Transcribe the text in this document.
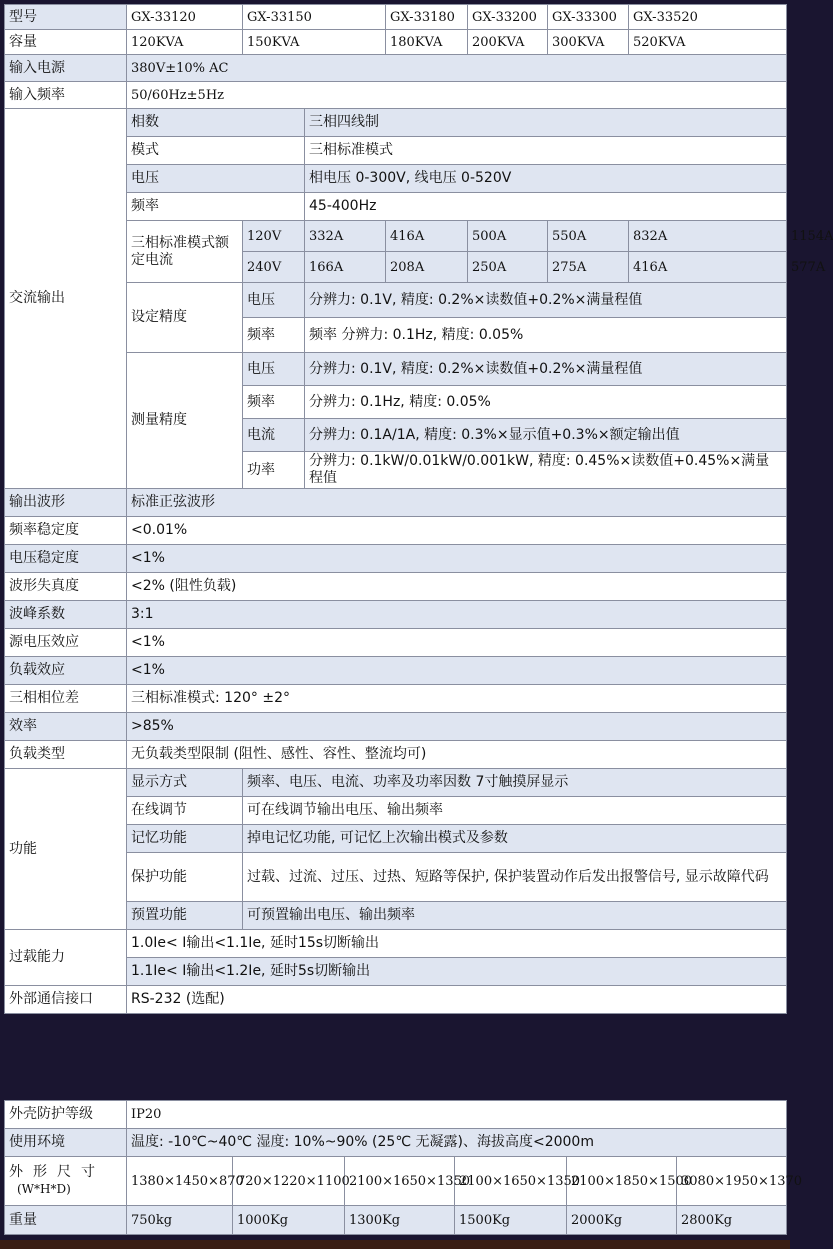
型号	GX-33120	GX-33150		GX-33180	GX-33200	GX-33300	GX-33520	
容量	120KVA	150KVA		180KVA	200KVA	300KVA	520KVA	
输入电源	380V±10% AC							
输入频率	50/60Hz±5Hz							
交流输出	相数		三相四线制					
	模式		三相标准模式					
	电压		相电压 0-300V, 线电压 0-520V					
	频率		45-400Hz					
	三相标准模式额定电流	120V	332A	416A	500A	550A	832A	1154A
		240V	166A	208A	250A	275A	416A	577A
	设定精度	电压	分辨力: 0.1V, 精度: 0.2%×读数值+0.2%×满量程值					
		频率	频率 分辨力: 0.1Hz, 精度: 0.05%					
	测量精度	电压	分辨力: 0.1V, 精度: 0.2%×读数值+0.2%×满量程值					
		频率	分辨力: 0.1Hz, 精度: 0.05%					
		电流	分辨力: 0.1A/1A, 精度: 0.3%×显示值+0.3%×额定输出值					
		功率	分辨力: 0.1kW/0.01kW/0.001kW, 精度: 0.45%×读数值+0.45%×满量程值					
输出波形	标准正弦波形							
频率稳定度	<0.01%							
电压稳定度	<1%							
波形失真度	<2% (阻性负载)							
波峰系数	3:1							
源电压效应	<1%							
负载效应	<1%							
三相相位差	三相标准模式: 120° ±2°							
效率	>85%							
负载类型	无负载类型限制 (阻性、感性、容性、整流均可)							
功能	显示方式	频率、电压、电流、功率及功率因数 7寸触摸屏显示						
	在线调节	可在线调节输出电压、输出频率						
	记忆功能	掉电记忆功能, 可记忆上次输出模式及参数						
	保护功能	过载、过流、过压、过热、短路等保护, 保护装置动作后发出报警信号, 显示故障代码						
	预置功能	可预置输出电压、输出频率						
过载能力	1.0Ie< I输出<1.1Ie, 延时15s切断输出							
	1.1Ie< I输出<1.2Ie, 延时5s切断输出							
外部通信接口	RS-232 (选配)							
外壳防护等级	IP20					
使用环境	温度: -10℃~40℃ 湿度: 10%~90% (25℃ 无凝露)、海拔高度<2000m					

外形尺寸
(W*H*D)	1380×1450×870	720×1220×1100	2100×1650×1350	2100×1650×1350	2100×1850×1500	3080×1950×1370
重量	750kg	1000Kg	1300Kg	1500Kg	2000Kg	2800Kg
